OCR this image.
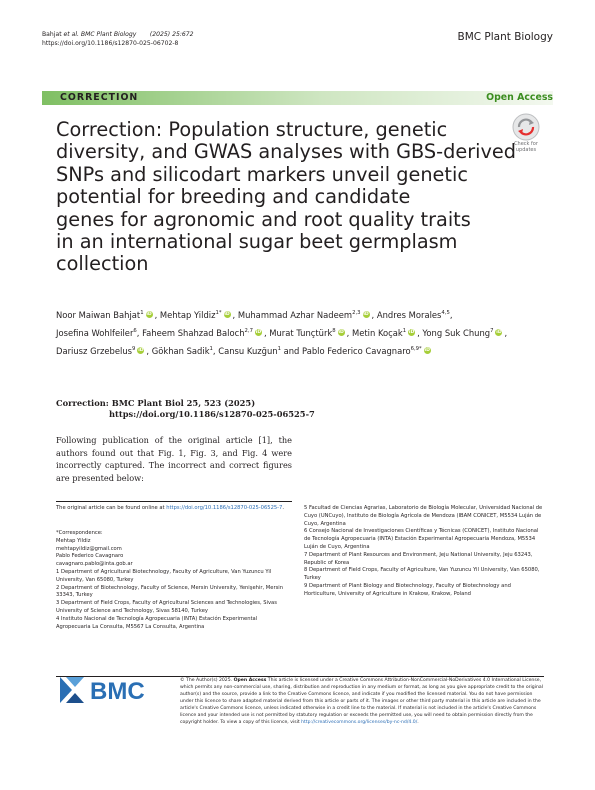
Bahjat et al. BMC Plant Biology (2025) 25:672
https://doi.org/10.1186/s12870-025-06702-8
BMC Plant Biology
CORRECTION	Open Access
Correction: Population structure, genetic
diversity, and GWAS analyses with GBS-derived
SNPs and silicodart markers unveil genetic
potential for breeding and candidate
genes for agronomic and root quality traits
in an international sugar beet germplasm
collection
Check for
updates
Noor Maiwan Bahjat$^1$ iD , Mehtap Yildiz$^{1*}$ iD , Muhammad Azhar Nadeem$^{2,3}$ iD , Andres Morales$^{4,5}$,
Josefina Wohlfeiler$^6$, Faheem Shahzad Baloch$^{2,7}$ iD , Murat Tunçtürk$^8$ iD , Metin Koçak$^1$ iD , Yong Suk Chung$^7$ iD ,
Dariusz Grzebelus$^9$ iD , Gökhan Sadik$^1$, Cansu Kuzğun$^1$ and Pablo Federico Cavagnaro$^{6,9*}$ iD
Correction: BMC Plant Biol 25, 523 (2025)
https://doi.org/10.1186/s12870-025-06525-7
Following publication of the original article [1], the authors found out that Fig. 1, Fig. 3, and Fig. 4 were incorrectly captured. The incorrect and correct figures are presented below:
The original article can be found online at https://doi.org/10.1186/s12870-025-06525-7.
*Correspondence:
Mehtap Yildiz
mehtapyildiz@gmail.com
Pablo Federico Cavagnaro
cavagnaro.pablo@inta.gob.ar
1 Department of Agricultural Biotechnology, Faculty of Agriculture, Van Yuzuncu Yil University, Van 65080, Turkey
2 Department of Biotechnology, Faculty of Science, Mersin University, Yenişehir, Mersin 33343, Turkey
3 Department of Field Crops, Faculty of Agricultural Sciences and Technologies, Sivas University of Science and Technology, Sivas 58140, Turkey
4 Instituto Nacional de Tecnología Agropecuaria (INTA) Estación Experimental Agropecuaria La Consulta, M5567 La Consulta, Argentina
5 Facultad de Ciencias Agrarias, Laboratorio de Biología Molecular, Universidad Nacional de Cuyo (UNCuyo), Instituto de Biología Agrícola de Mendoza (IBAM CONICET, M5534 Luján de Cuyo, Argentina
6 Consejo Nacional de Investigaciones Científicas y Técnicas (CONICET), Instituto Nacional de Tecnología Agropecuaria (INTA) Estación Experimental Agropecuaria Mendoza, M5534 Luján de Cuyo, Argentina
7 Department of Plant Resources and Environment, Jeju National University, Jeju 63243, Republic of Korea
8 Department of Field Crops, Faculty of Agriculture, Van Yuzuncu Yil University, Van 65080, Turkey
9 Department of Plant Biology and Biotechnology, Faculty of Biotechnology and Horticulture, University of Agriculture in Krakow, Krakow, Poland
BMC	© The Author(s) 2025. Open Access This article is licensed under a Creative Commons Attribution-NonCommercial-NoDerivatives 4.0 International License, which permits any non-commercial use, sharing, distribution and reproduction in any medium or format, as long as you give appropriate credit to the original author(s) and the source, provide a link to the Creative Commons licence, and indicate if you modified the licensed material. You do not have permission under this licence to share adapted material derived from this article or parts of it. The images or other third party material in this article are included in the article's Creative Commons licence, unless indicated otherwise in a credit line to the material. If material is not included in the article's Creative Commons licence and your intended use is not permitted by statutory regulation or exceeds the permitted use, you will need to obtain permission directly from the copyright holder. To view a copy of this licence, visit http://creativecommons.org/licenses/by-nc-nd/4.0/.
